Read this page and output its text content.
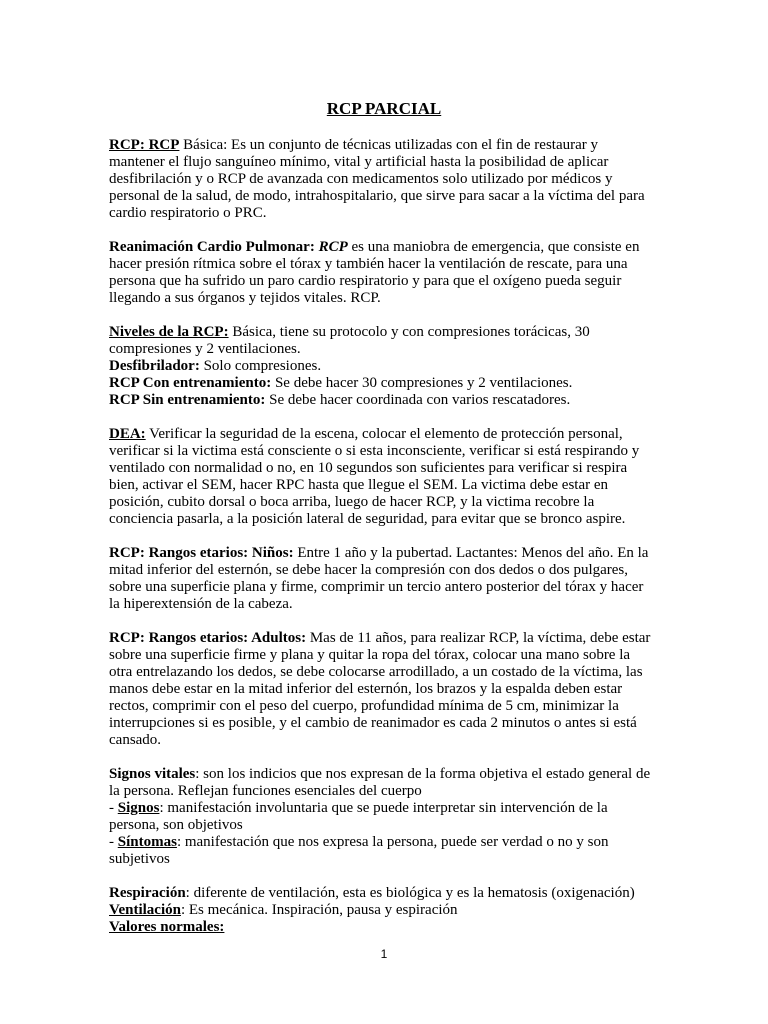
RCP PARCIAL

RCP: RCP Básica: Es un conjunto de técnicas utilizadas con el fin de restaurar y mantener el flujo sanguíneo mínimo, vital y artificial hasta la posibilidad de aplicar desfibrilación y o RCP de avanzada con medicamentos solo utilizado por médicos y personal de la salud, de modo, intrahospitalario, que sirve para sacar a la víctima del para cardio respiratorio o PRC.

Reanimación Cardio Pulmonar: RCP es una maniobra de emergencia, que consiste en hacer presión rítmica sobre el tórax y también hacer la ventilación de rescate, para una persona que ha sufrido un paro cardio respiratorio y para que el oxígeno pueda seguir llegando a sus órganos y tejidos vitales. RCP.

Niveles de la RCP: Básica, tiene su protocolo y con compresiones torácicas, 30 compresiones y 2 ventilaciones.
Desfibrilador: Solo compresiones.
RCP Con entrenamiento: Se debe hacer 30 compresiones y 2 ventilaciones.
RCP Sin entrenamiento: Se debe hacer coordinada con varios rescatadores.

DEA: Verificar la seguridad de la escena, colocar el elemento de protección personal, verificar si la victima está consciente o si esta inconsciente, verificar si está respirando y ventilado con normalidad o no, en 10 segundos son suficientes para verificar si respira bien, activar el SEM, hacer RPC hasta que llegue el SEM. La victima debe estar en posición, cubito dorsal o boca arriba, luego de hacer RCP, y la victima recobre la conciencia pasarla, a la posición lateral de seguridad, para evitar que se bronco aspire.

RCP: Rangos etarios: Niños: Entre 1 año y la pubertad. Lactantes: Menos del año. En la mitad inferior del esternón, se debe hacer la compresión con dos dedos o dos pulgares, sobre una superficie plana y firme, comprimir un tercio antero posterior del tórax y hacer la hiperextensión de la cabeza.

RCP: Rangos etarios: Adultos: Mas de 11 años, para realizar RCP, la víctima, debe estar sobre una superficie firme y plana y quitar la ropa del tórax, colocar una mano sobre la otra entrelazando los dedos, se debe colocarse arrodillado, a un costado de la víctima, las manos debe estar en la mitad inferior del esternón, los brazos y la espalda deben estar rectos, comprimir con el peso del cuerpo, profundidad mínima de 5 cm, minimizar la interrupciones si es posible, y el cambio de reanimador es cada 2 minutos o antes si está cansado.

Signos vitales: son los indicios que nos expresan de la forma objetiva el estado general de la persona. Reflejan funciones esenciales del cuerpo
- Signos: manifestación involuntaria que se puede interpretar sin intervención de la persona, son objetivos
- Síntomas: manifestación que nos expresa la persona, puede ser verdad o no y son subjetivos
Respiración: diferente de ventilación, esta es biológica y es la hematosis (oxigenación)
Ventilación: Es mecánica. Inspiración, pausa y espiración
Valores normales:
1
